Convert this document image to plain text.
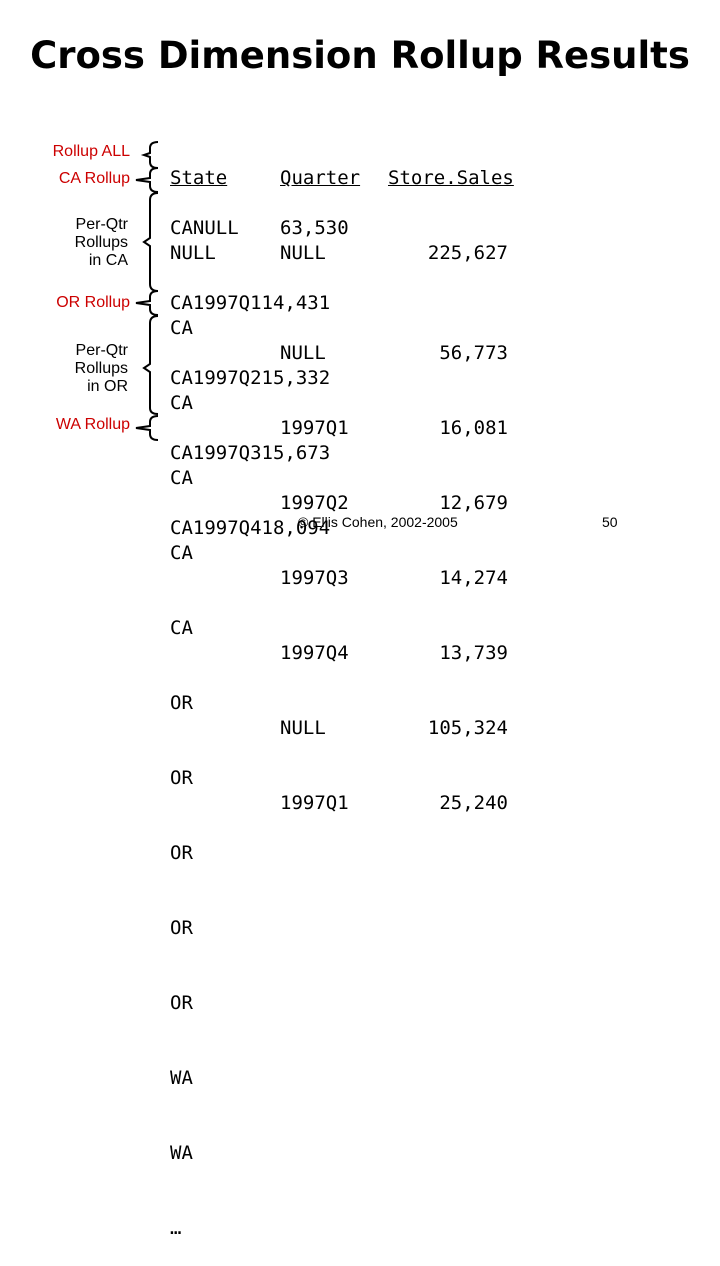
Cross Dimension Rollup Results
Rollup ALL
CA Rollup
Per-Qtr
Rollups
in CA
OR Rollup
Per-Qtr
Rollups
in OR
WA Rollup

State

NULL

CA

CA

CA

CA

CA

OR

OR

OR

OR

OR

WA

WA

…

Quarter

NULL

CANULL 63,530

CA1997Q114,431

CA1997Q215,332

CA1997Q315,673

CA1997Q418,094

NULL

1997Q1

1997Q2

1997Q3

1997Q4

NULL

1997Q1

Store.Sales

225,627

56,773

16,081

12,679

14,274

13,739

105,324

25,240

© Ellis Cohen, 2002-2005	50
